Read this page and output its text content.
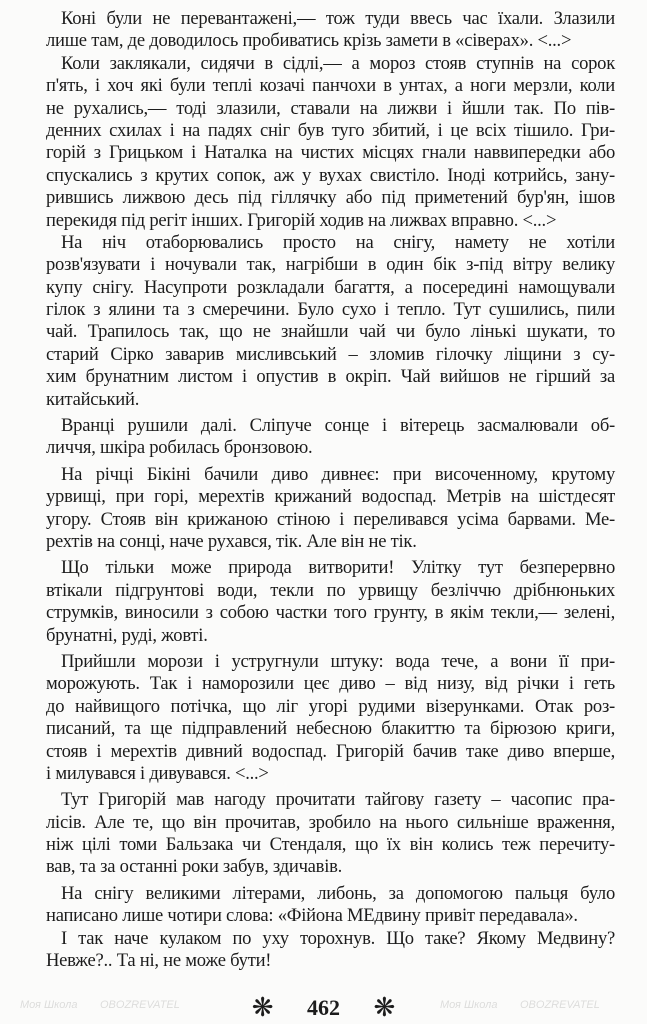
Моя Школа OBOZREVATEL	Моя Школа OBOZREVATEL
Коні були не перевантажені,— тож туди ввесь час їхали. Злазили
лише там, де доводилось пробиватись крізь замети в «сіверах». <...>
Коли заклякали, сидячи в сідлі,— а мороз стояв ступнів на сорок
п'ять, і хоч які були теплі козачі панчохи в унтах, а ноги мерзли, коли
не рухались,— тоді злазили, ставали на лижви і йшли так. По пів-
денних схилах і на падях сніг був туго збитий, і це всіх тішило. Гри-
горій з Грицьком і Наталка на чистих місцях гнали наввипередки або
спускались з крутих сопок, аж у вухах свистіло. Іноді котрийсь, зану-
рившись лижвою десь під гіллячку або під приметений бур'ян, ішов
перекидя під регіт інших. Григорій ходив на лижвах вправно. <...>
На ніч отаборювались просто на снігу, намету не хотіли
розв'язувати і ночували так, нагрібши в один бік з-під вітру велику
купу снігу. Насупроти розкладали багаття, а посередині намощували
гілок з ялини та з смеречини. Було сухо і тепло. Тут сушились, пили
чай. Трапилось так, що не знайшли чай чи було лінькі шукати, то
старий Сірко заварив мисливський – зломив гілочку ліщини з су-
хим брунатним листом і опустив в окріп. Чай вийшов не гірший за
китайський.
Вранці рушили далі. Сліпуче сонце і вітерець засмалювали об-
личчя, шкіра робилась бронзовою.
На річці Бікіні бачили диво дивнеє: при височенному, крутому
урвищі, при горі, мерехтів крижаний водоспад. Метрів на шістдесят
угору. Стояв він крижаною стіною і переливався усіма барвами. Ме-
рехтів на сонці, наче рухався, тік. Але він не тік.
Що тільки може природа витворити! Улітку тут безперервно
втікали підгрунтові води, текли по урвищу безліччю дрібнюньких
струмків, виносили з собою частки того грунту, в якім текли,— зелені,
брунатні, руді, жовті.
Прийшли морози і устругнули штуку: вода тече, а вони її при-
морожують. Так і наморозили цеє диво – від низу, від річки і геть
до найвищого потічка, що ліг угорі рудими візерунками. Отак роз-
писаний, та ще підправлений небесною блакиттю та бірюзою криги,
стояв і мерехтів дивний водоспад. Григорій бачив таке диво вперше,
і милувався і дивувався. <...>
Тут Григорій мав нагоду прочитати тайгову газету – часопис пра-
лісів. Але те, що він прочитав, зробило на нього сильніше враження,
ніж цілі томи Бальзака чи Стендаля, що їх він колись теж перечиту-
вав, та за останні роки забув, здичавів.
На снігу великими літерами, либонь, за допомогою пальця було
написано лише чотири слова: «Фійона МЕдвину привіт передавала».
І так наче кулаком по уху торохнув. Що таке? Якому Медвину?
Невже?.. Та ні, не може бути!
❋ 462 ❋
